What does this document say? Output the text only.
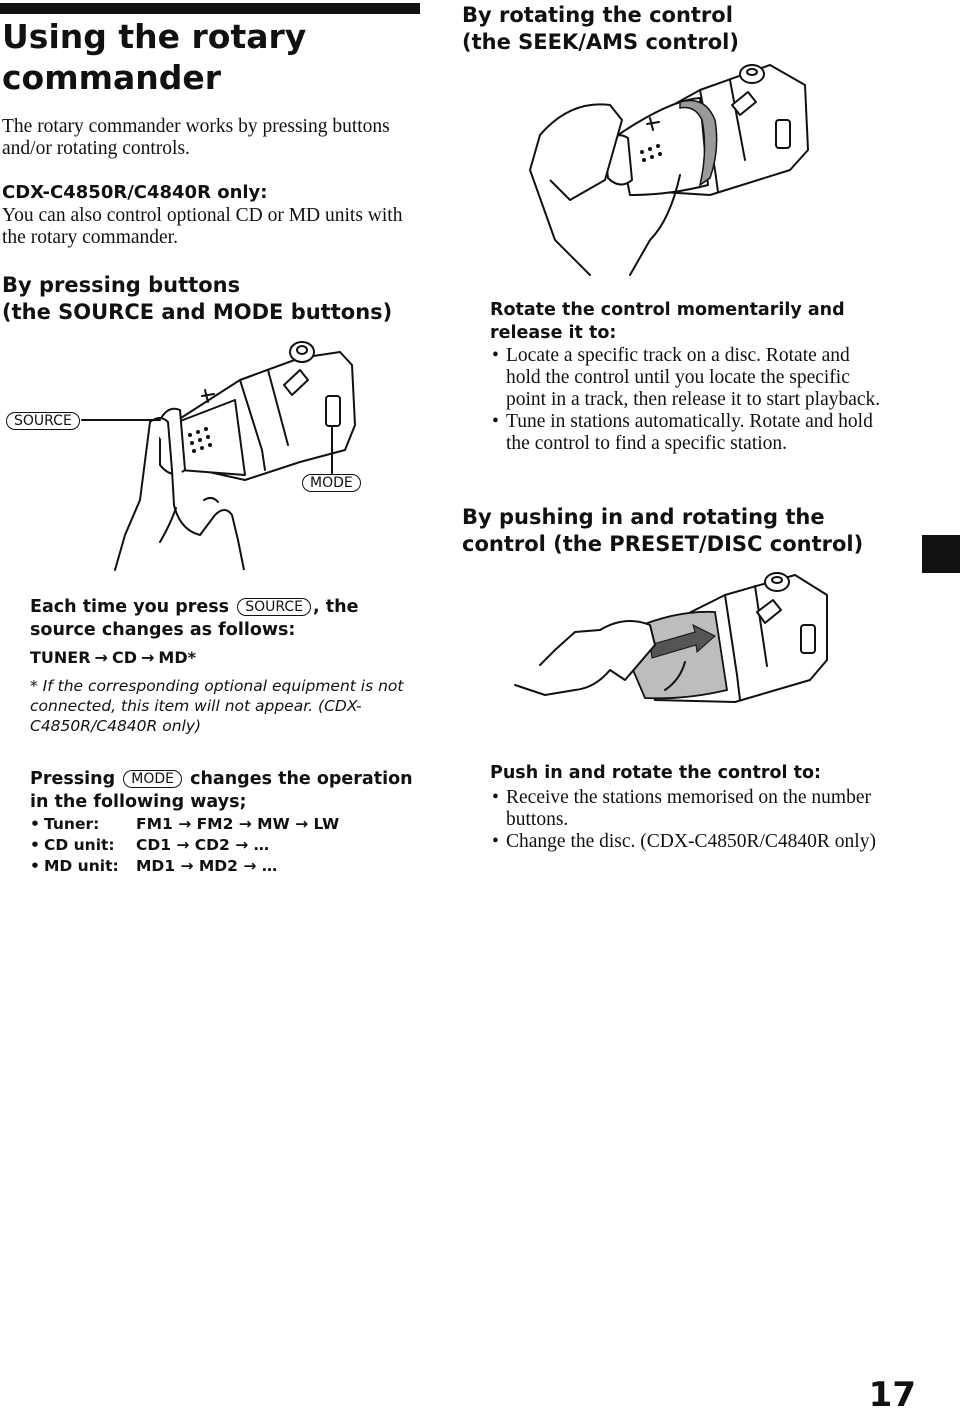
Using the rotary commander
The rotary commander works by pressing buttons and/or rotating controls.
CDX-C4850R/C4840R only:
You can also control optional CD or MD units with the rotary commander.
By pressing buttons
(the SOURCE and MODE buttons)
SOURCE
MODE
Each time you press SOURCE , the
source changes as follows:
TUNER → CD → MD*
* If the corresponding optional equipment is not connected, this item will not appear. (CDX-C4850R/C4840R only)
Pressing MODE changes the operation
in the following ways;
• Tuner:	FM1 → FM2 → MW → LW
• CD unit:	CD1 → CD2 → …
• MD unit:	MD1 → MD2 → …
By rotating the control
(the SEEK/AMS control)
Rotate the control momentarily and
release it to:
• Locate a specific track on a disc. Rotate and hold the control until you locate the specific point in a track, then release it to start playback.
• Tune in stations automatically. Rotate and hold the control to find a specific station.
By pushing in and rotating the
control (the PRESET/DISC control)
Push in and rotate the control to:
• Receive the stations memorised on the number buttons.
• Change the disc. (CDX-C4850R/C4840R only)
17
